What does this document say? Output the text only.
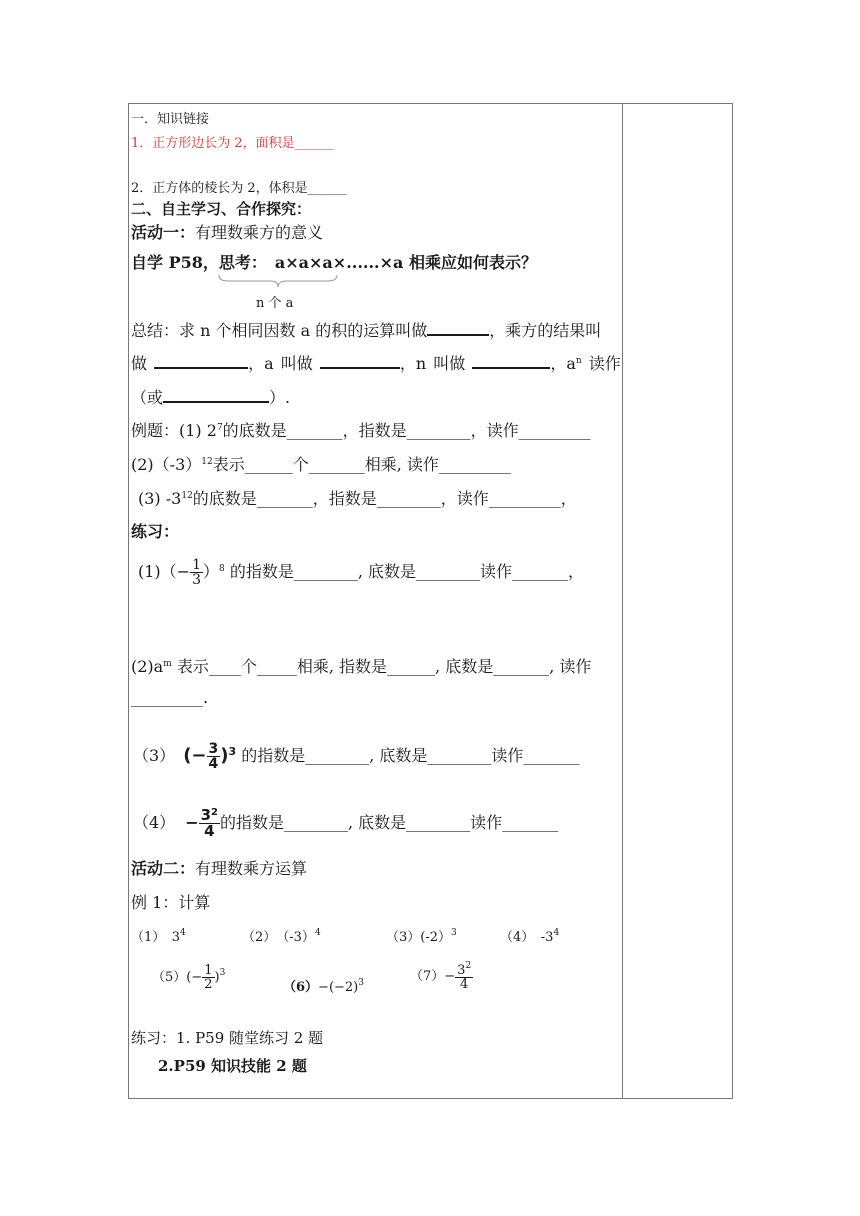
一．知识链接
1．正方形边长为 2，面积是______
2．正方体的棱长为 2，体积是______
二、自主学习、合作探究：
活动一：有理数乘方的意义
自学 P58，思考：　a×a×a×......×a 相乘应如何表示？
n 个 a
总结：求 n 个相同因数 a 的积的运算叫做	，乘方的结果叫
做	，a 叫做	，n 叫做	，$a^n$ 读作
（或	）.
例题：(1) $2^7$的底数是_______，指数是________，读作_________
$(2)(-3)^{12}$表示______个_______相乘, 读作_________
(3) $-3^{12}$的底数是_______，指数是________，读作_________，
练习：
$(1)(- \frac{1}{3} )^8$ 的指数是________, 底数是________读作_______，
$(2)a^m$ 表示____个_____相乘, 指数是______, 底数是_______, 读作
_________.
（3） (− $\frac{3}{4} )^3$ 的指数是________, 底数是________读作_______
$(4) - \frac{3^2}{4}$ 的指数是________, 底数是________读作_______
活动二：有理数乘方运算
例 1：计算
（1）　$3^4$	（2）　$(-3)^4$	（3）(-2）$^3$	（4）　$-3^4$
$(5)(- \frac{1}{2} )^3$
$(6)-(-2)^3$	$(7)- \frac{3^2}{4}$
练习：1. P59 随堂练习 2 题
2.P59 知识技能 2 题
